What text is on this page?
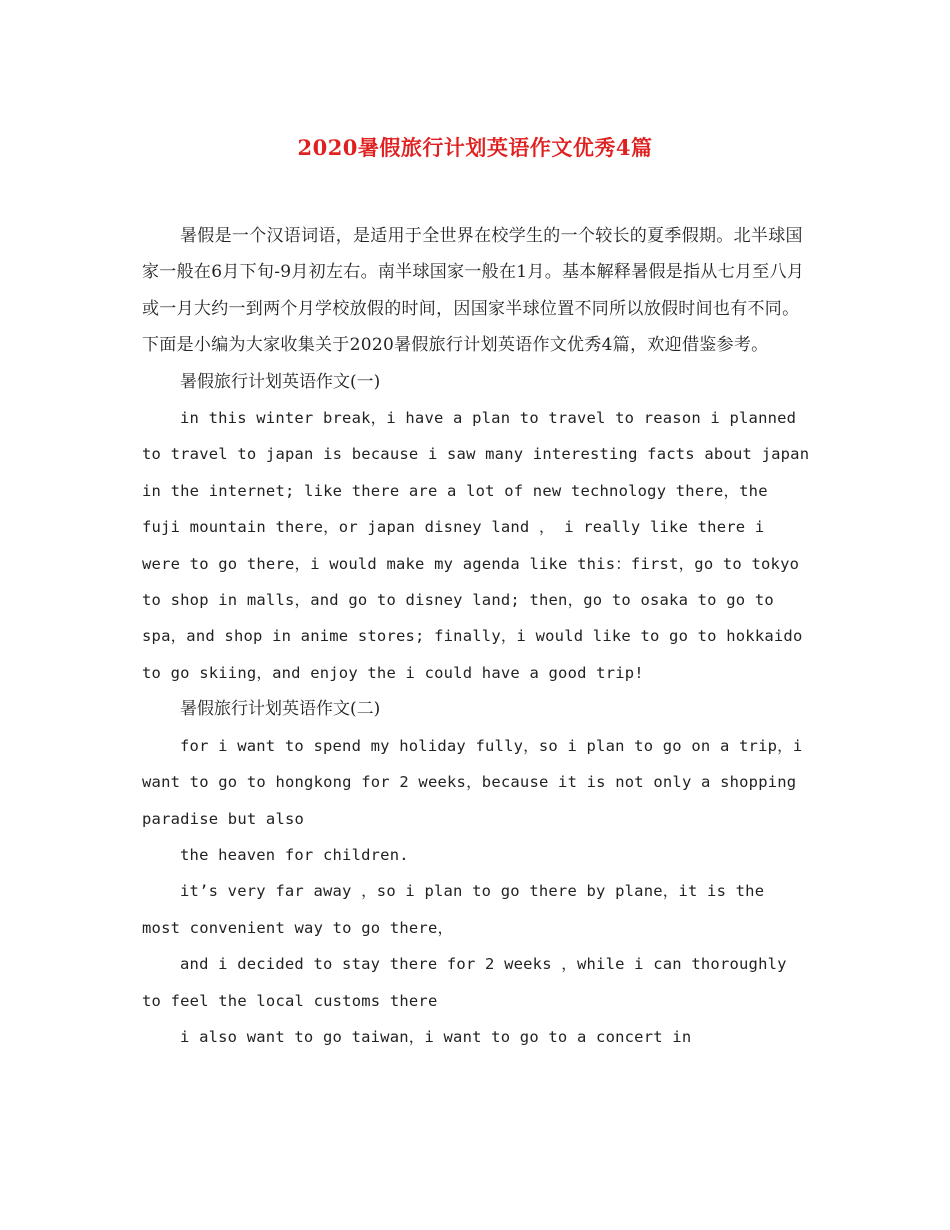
2020暑假旅行计划英语作文优秀4篇

暑假是一个汉语词语，是适用于全世界在校学生的一个较长的夏季假期。北半球国家一般在6月下旬-9月初左右。南半球国家一般在1月。基本解释暑假是指从七月至八月或一月大约一到两个月学校放假的时间，因国家半球位置不同所以放假时间也有不同。下面是小编为大家收集关于2020暑假旅行计划英语作文优秀4篇，欢迎借鉴参考。

暑假旅行计划英语作文(一)

in this winter break，i have a plan to travel to reason i planned to travel to japan is because i saw many interesting facts about japan in the internet; like there are a lot of new technology there，the fuji mountain there，or japan disney land ， i really like there i were to go there，i would make my agenda like this：first，go to tokyo to shop in malls，and go to disney land; then，go to osaka to go to spa，and shop in anime stores; finally，i would like to go to hokkaido to go skiing，and enjoy the i could have a good trip!

暑假旅行计划英语作文(二)

for i want to spend my holiday fully，so i plan to go on a trip，i want to go to hongkong for 2 weeks，because it is not only a shopping paradise but also

the heaven for children.

it’s very far away ，so i plan to go there by plane，it is the most convenient way to go there，

and i decided to stay there for 2 weeks ，while i can thoroughly to feel the local customs there

i also want to go taiwan，i want to go to a concert in
